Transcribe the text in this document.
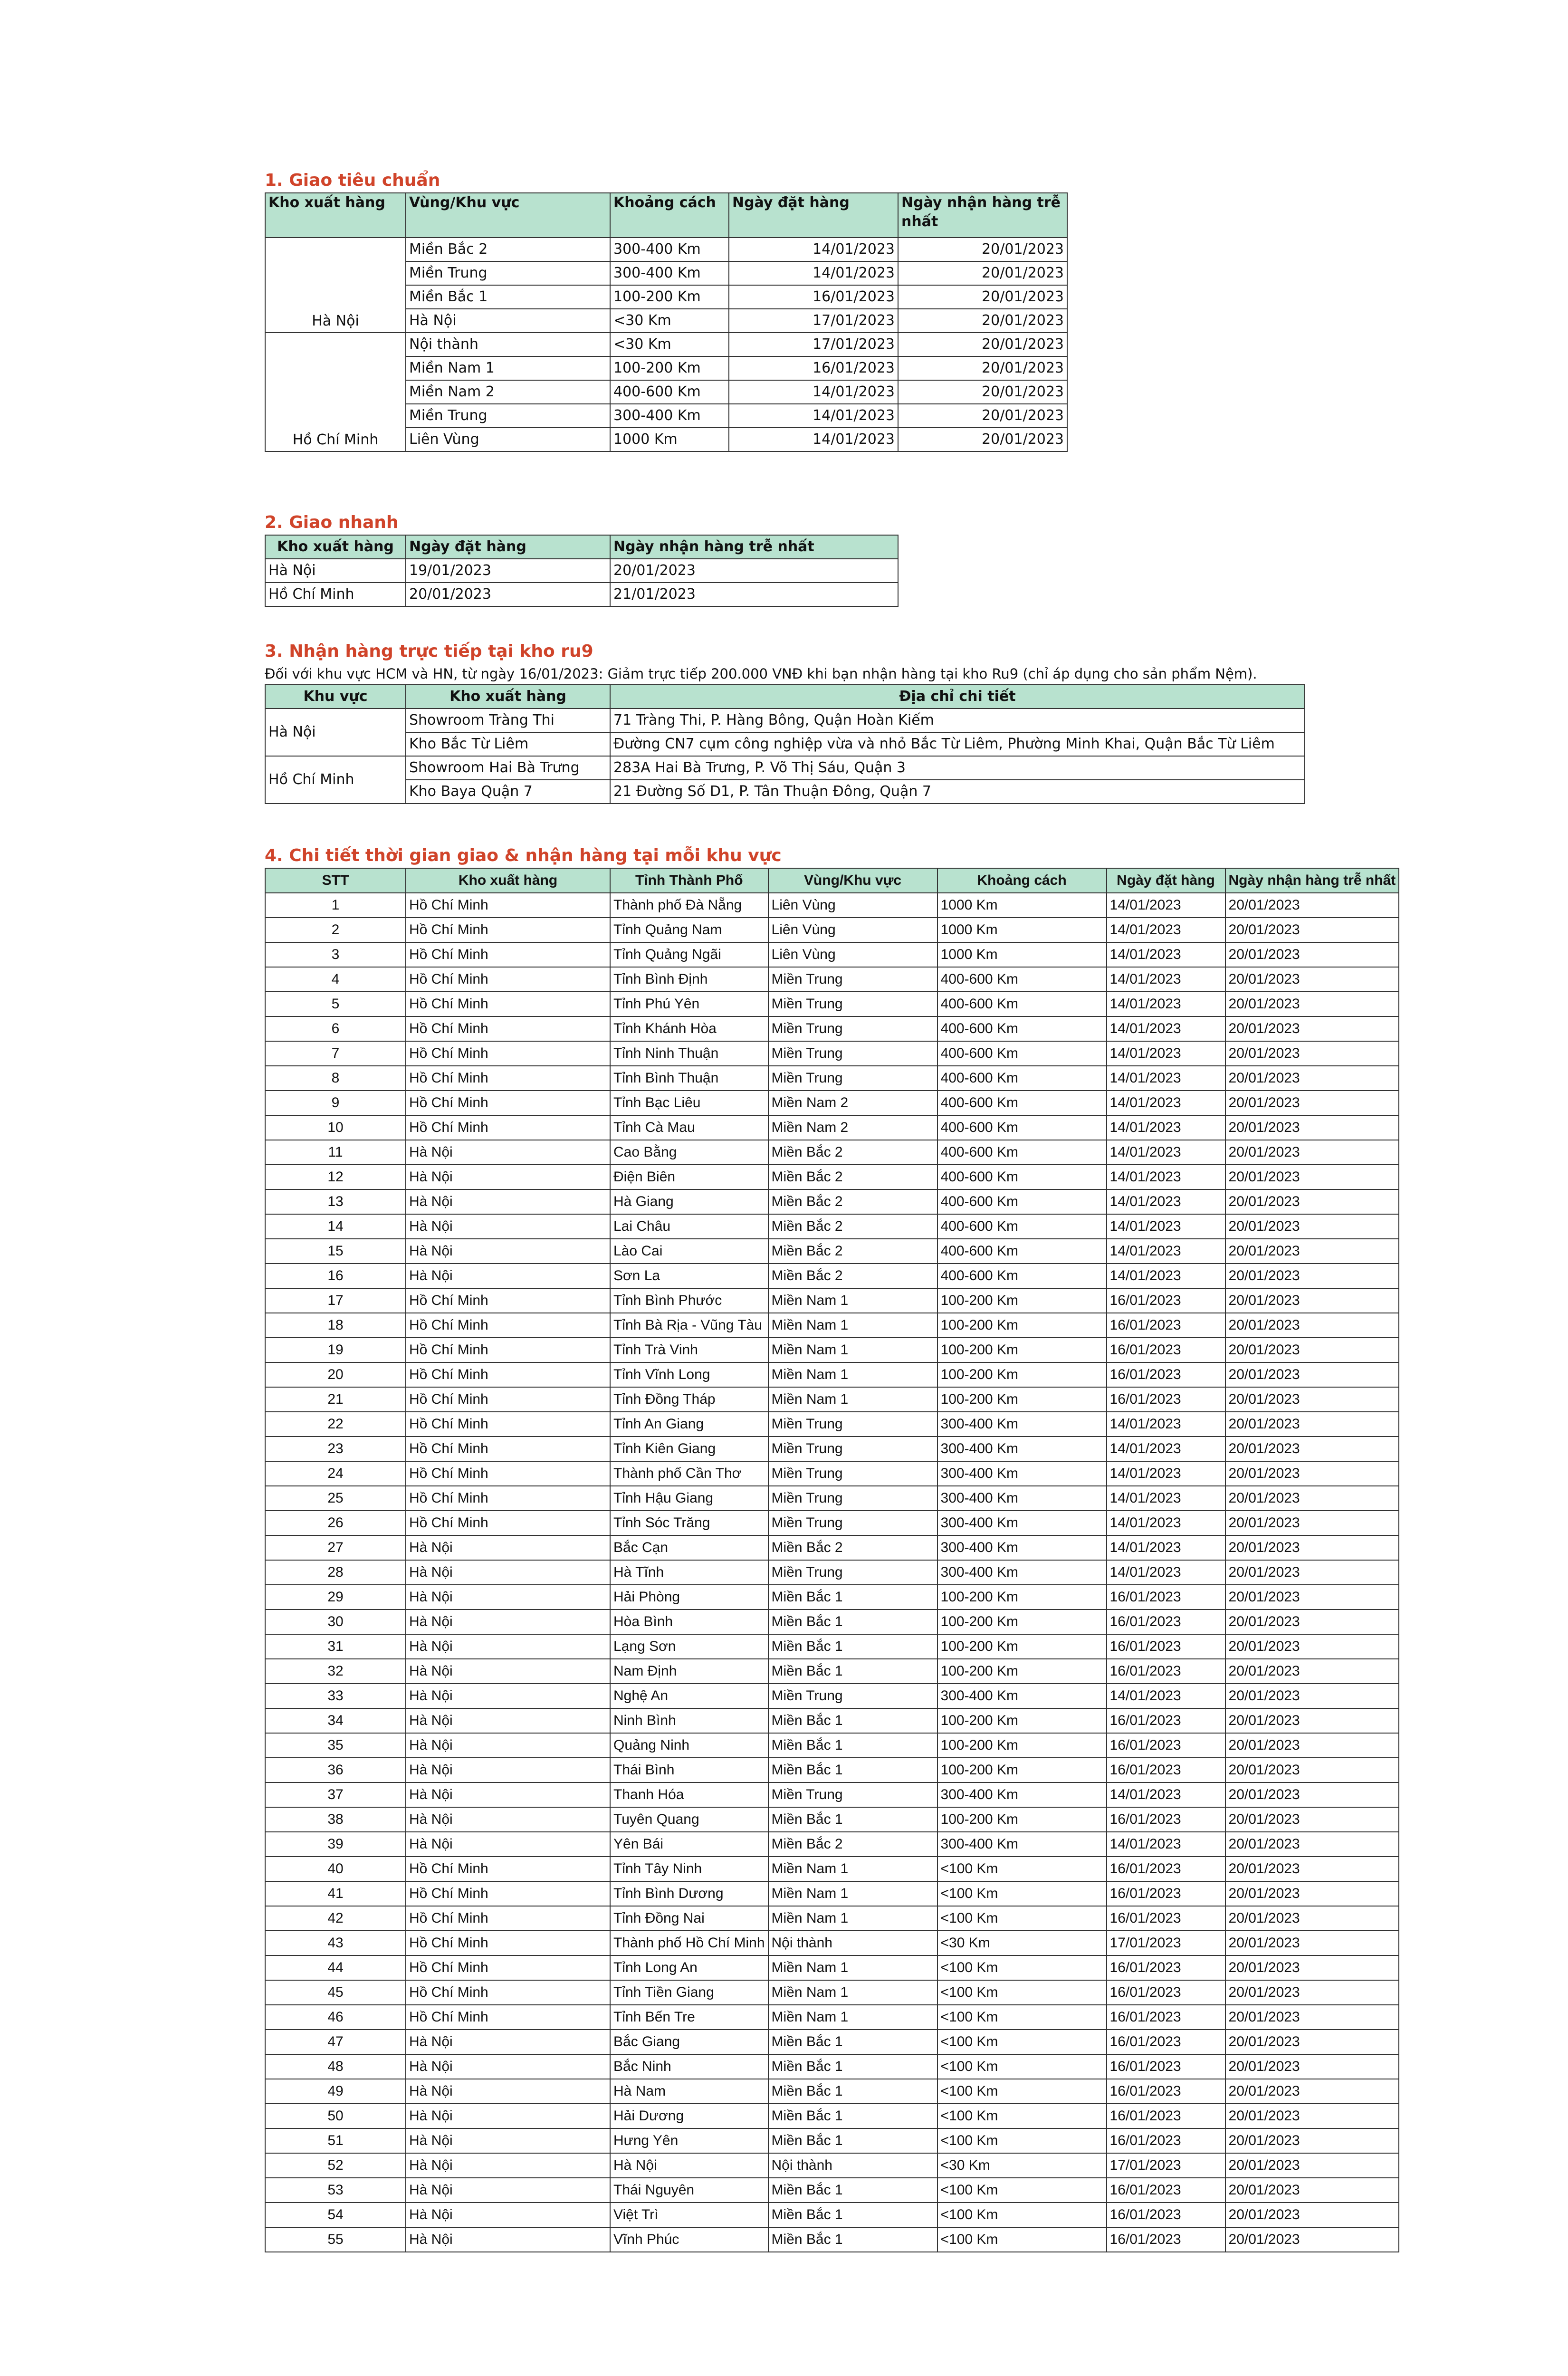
1. Giao tiêu chuẩn
Kho xuất hàng	Vùng/Khu vực	Khoảng cách	Ngày đặt hàng	Ngày nhận hàng trễ nhất
Hà Nội	Miền Bắc 2	300-400 Km	14/01/2023	20/01/2023
	Miền Trung	300-400 Km	14/01/2023	20/01/2023
	Miền Bắc 1	100-200 Km	16/01/2023	20/01/2023
	Hà Nội	<30 Km	17/01/2023	20/01/2023
Hồ Chí Minh	Nội thành	<30 Km	17/01/2023	20/01/2023
	Miền Nam 1	100-200 Km	16/01/2023	20/01/2023
	Miền Nam 2	400-600 Km	14/01/2023	20/01/2023
	Miền Trung	300-400 Km	14/01/2023	20/01/2023
	Liên Vùng	1000 Km	14/01/2023	20/01/2023
2. Giao nhanh
Kho xuất hàng	Ngày đặt hàng	Ngày nhận hàng trễ nhất
Hà Nội	19/01/2023	20/01/2023
Hồ Chí Minh	20/01/2023	21/01/2023
3. Nhận hàng trực tiếp tại kho ru9
Đối với khu vực HCM và HN, từ ngày 16/01/2023: Giảm trực tiếp 200.000 VNĐ khi bạn nhận hàng tại kho Ru9 (chỉ áp dụng cho sản phẩm Nệm).
Khu vực	Kho xuất hàng	Địa chỉ chi tiết
Hà Nội	Showroom Tràng Thi	71 Tràng Thi, P. Hàng Bông, Quận Hoàn Kiếm
	Kho Bắc Từ Liêm	Đường CN7 cụm công nghiệp vừa và nhỏ Bắc Từ Liêm, Phường Minh Khai, Quận Bắc Từ Liêm
Hồ Chí Minh	Showroom Hai Bà Trưng	283A Hai Bà Trưng, P. Võ Thị Sáu, Quận 3
	Kho Baya Quận 7	21 Đường Số D1, P. Tân Thuận Đông, Quận 7
4. Chi tiết thời gian giao & nhận hàng tại mỗi khu vực
STT	Kho xuất hàng	Tỉnh Thành Phố	Vùng/Khu vực	Khoảng cách	Ngày đặt hàng	Ngày nhận hàng trễ nhất
1	Hồ Chí Minh	Thành phố Đà Nẵng	Liên Vùng	1000 Km	14/01/2023	20/01/2023
2	Hồ Chí Minh	Tỉnh Quảng Nam	Liên Vùng	1000 Km	14/01/2023	20/01/2023
3	Hồ Chí Minh	Tỉnh Quảng Ngãi	Liên Vùng	1000 Km	14/01/2023	20/01/2023
4	Hồ Chí Minh	Tỉnh Bình Định	Miền Trung	400-600 Km	14/01/2023	20/01/2023
5	Hồ Chí Minh	Tỉnh Phú Yên	Miền Trung	400-600 Km	14/01/2023	20/01/2023
6	Hồ Chí Minh	Tỉnh Khánh Hòa	Miền Trung	400-600 Km	14/01/2023	20/01/2023
7	Hồ Chí Minh	Tỉnh Ninh Thuận	Miền Trung	400-600 Km	14/01/2023	20/01/2023
8	Hồ Chí Minh	Tỉnh Bình Thuận	Miền Trung	400-600 Km	14/01/2023	20/01/2023
9	Hồ Chí Minh	Tỉnh Bạc Liêu	Miền Nam 2	400-600 Km	14/01/2023	20/01/2023
10	Hồ Chí Minh	Tỉnh Cà Mau	Miền Nam 2	400-600 Km	14/01/2023	20/01/2023
11	Hà Nội	Cao Bằng	Miền Bắc 2	400-600 Km	14/01/2023	20/01/2023
12	Hà Nội	Điện Biên	Miền Bắc 2	400-600 Km	14/01/2023	20/01/2023
13	Hà Nội	Hà Giang	Miền Bắc 2	400-600 Km	14/01/2023	20/01/2023
14	Hà Nội	Lai Châu	Miền Bắc 2	400-600 Km	14/01/2023	20/01/2023
15	Hà Nội	Lào Cai	Miền Bắc 2	400-600 Km	14/01/2023	20/01/2023
16	Hà Nội	Sơn La	Miền Bắc 2	400-600 Km	14/01/2023	20/01/2023
17	Hồ Chí Minh	Tỉnh Bình Phước	Miền Nam 1	100-200 Km	16/01/2023	20/01/2023
18	Hồ Chí Minh	Tỉnh Bà Rịa - Vũng Tàu	Miền Nam 1	100-200 Km	16/01/2023	20/01/2023
19	Hồ Chí Minh	Tỉnh Trà Vinh	Miền Nam 1	100-200 Km	16/01/2023	20/01/2023
20	Hồ Chí Minh	Tỉnh Vĩnh Long	Miền Nam 1	100-200 Km	16/01/2023	20/01/2023
21	Hồ Chí Minh	Tỉnh Đồng Tháp	Miền Nam 1	100-200 Km	16/01/2023	20/01/2023
22	Hồ Chí Minh	Tỉnh An Giang	Miền Trung	300-400 Km	14/01/2023	20/01/2023
23	Hồ Chí Minh	Tỉnh Kiên Giang	Miền Trung	300-400 Km	14/01/2023	20/01/2023
24	Hồ Chí Minh	Thành phố Cần Thơ	Miền Trung	300-400 Km	14/01/2023	20/01/2023
25	Hồ Chí Minh	Tỉnh Hậu Giang	Miền Trung	300-400 Km	14/01/2023	20/01/2023
26	Hồ Chí Minh	Tỉnh Sóc Trăng	Miền Trung	300-400 Km	14/01/2023	20/01/2023
27	Hà Nội	Bắc Cạn	Miền Bắc 2	300-400 Km	14/01/2023	20/01/2023
28	Hà Nội	Hà Tĩnh	Miền Trung	300-400 Km	14/01/2023	20/01/2023
29	Hà Nội	Hải Phòng	Miền Bắc 1	100-200 Km	16/01/2023	20/01/2023
30	Hà Nội	Hòa Bình	Miền Bắc 1	100-200 Km	16/01/2023	20/01/2023
31	Hà Nội	Lạng Sơn	Miền Bắc 1	100-200 Km	16/01/2023	20/01/2023
32	Hà Nội	Nam Định	Miền Bắc 1	100-200 Km	16/01/2023	20/01/2023
33	Hà Nội	Nghệ An	Miền Trung	300-400 Km	14/01/2023	20/01/2023
34	Hà Nội	Ninh Bình	Miền Bắc 1	100-200 Km	16/01/2023	20/01/2023
35	Hà Nội	Quảng Ninh	Miền Bắc 1	100-200 Km	16/01/2023	20/01/2023
36	Hà Nội	Thái Bình	Miền Bắc 1	100-200 Km	16/01/2023	20/01/2023
37	Hà Nội	Thanh Hóa	Miền Trung	300-400 Km	14/01/2023	20/01/2023
38	Hà Nội	Tuyên Quang	Miền Bắc 1	100-200 Km	16/01/2023	20/01/2023
39	Hà Nội	Yên Bái	Miền Bắc 2	300-400 Km	14/01/2023	20/01/2023
40	Hồ Chí Minh	Tỉnh Tây Ninh	Miền Nam 1	<100 Km	16/01/2023	20/01/2023
41	Hồ Chí Minh	Tỉnh Bình Dương	Miền Nam 1	<100 Km	16/01/2023	20/01/2023
42	Hồ Chí Minh	Tỉnh Đồng Nai	Miền Nam 1	<100 Km	16/01/2023	20/01/2023
43	Hồ Chí Minh	Thành phố Hồ Chí Minh	Nội thành	<30 Km	17/01/2023	20/01/2023
44	Hồ Chí Minh	Tỉnh Long An	Miền Nam 1	<100 Km	16/01/2023	20/01/2023
45	Hồ Chí Minh	Tỉnh Tiền Giang	Miền Nam 1	<100 Km	16/01/2023	20/01/2023
46	Hồ Chí Minh	Tỉnh Bến Tre	Miền Nam 1	<100 Km	16/01/2023	20/01/2023
47	Hà Nội	Bắc Giang	Miền Bắc 1	<100 Km	16/01/2023	20/01/2023
48	Hà Nội	Bắc Ninh	Miền Bắc 1	<100 Km	16/01/2023	20/01/2023
49	Hà Nội	Hà Nam	Miền Bắc 1	<100 Km	16/01/2023	20/01/2023
50	Hà Nội	Hải Dương	Miền Bắc 1	<100 Km	16/01/2023	20/01/2023
51	Hà Nội	Hưng Yên	Miền Bắc 1	<100 Km	16/01/2023	20/01/2023
52	Hà Nội	Hà Nội	Nội thành	<30 Km	17/01/2023	20/01/2023
53	Hà Nội	Thái Nguyên	Miền Bắc 1	<100 Km	16/01/2023	20/01/2023
54	Hà Nội	Việt Trì	Miền Bắc 1	<100 Km	16/01/2023	20/01/2023
55	Hà Nội	Vĩnh Phúc	Miền Bắc 1	<100 Km	16/01/2023	20/01/2023
